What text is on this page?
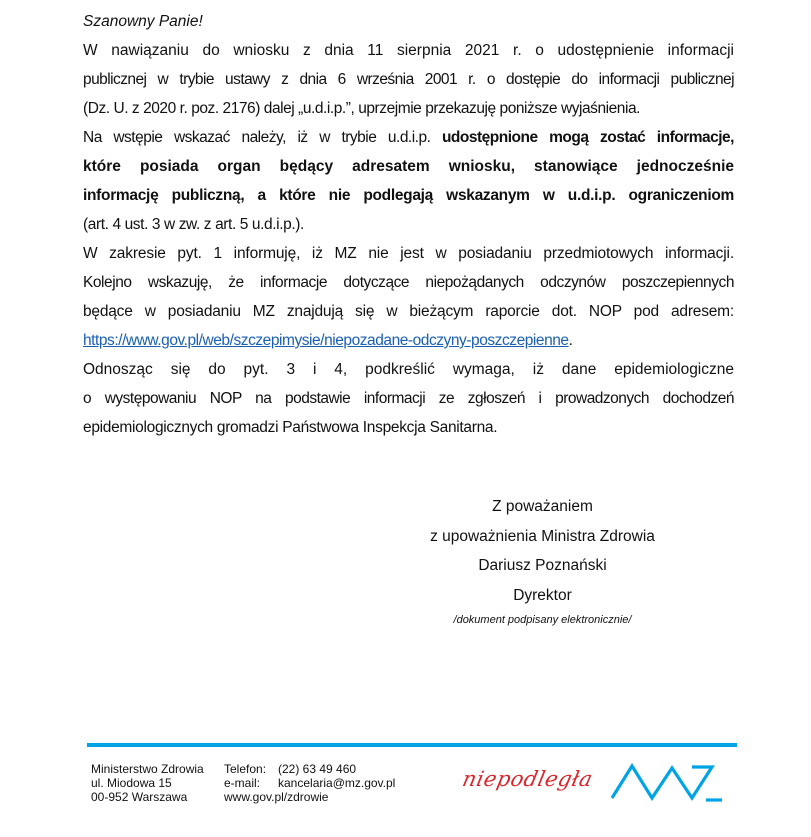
Szanowny Panie!
W nawiązaniu do wniosku z dnia 11 sierpnia 2021 r. o udostępnienie informacji
publicznej w trybie ustawy z dnia 6 września 2001 r. o dostępie do informacji publicznej
(Dz. U. z 2020 r. poz. 2176) dalej „u.d.i.p.”, uprzejmie przekazuję poniższe wyjaśnienia.
Na wstępie wskazać należy, iż w trybie u.d.i.p. udostępnione mogą zostać informacje,
które posiada organ będący adresatem wniosku, stanowiące jednocześnie
informację publiczną, a które nie podlegają wskazanym w u.d.i.p. ograniczeniom
(art. 4 ust. 3 w zw. z art. 5 u.d.i.p.).
W zakresie pyt. 1 informuję, iż MZ nie jest w posiadaniu przedmiotowych informacji.
Kolejno wskazuję, że informacje dotyczące niepożądanych odczynów poszczepiennych
będące w posiadaniu MZ znajdują się w bieżącym raporcie dot. NOP pod adresem:
https://www.gov.pl/web/szczepimysie/niepozadane-odczyny-poszczepienne.
Odnosząc się do pyt. 3 i 4, podkreślić wymaga, iż dane epidemiologiczne
o występowaniu NOP na podstawie informacji ze zgłoszeń i prowadzonych dochodzeń
epidemiologicznych gromadzi Państwowa Inspekcja Sanitarna.
Z poważaniem
z upoważnienia Ministra Zdrowia
Dariusz Poznański
Dyrektor
/dokument podpisany elektronicznie/
Ministerstwo Zdrowia
ul. Miodowa 15
00-952 Warszawa
Telefon: (22) 63 49 460
e-mail: kancelaria@mz.gov.pl
www.gov.pl/zdrowie
niepodległa
